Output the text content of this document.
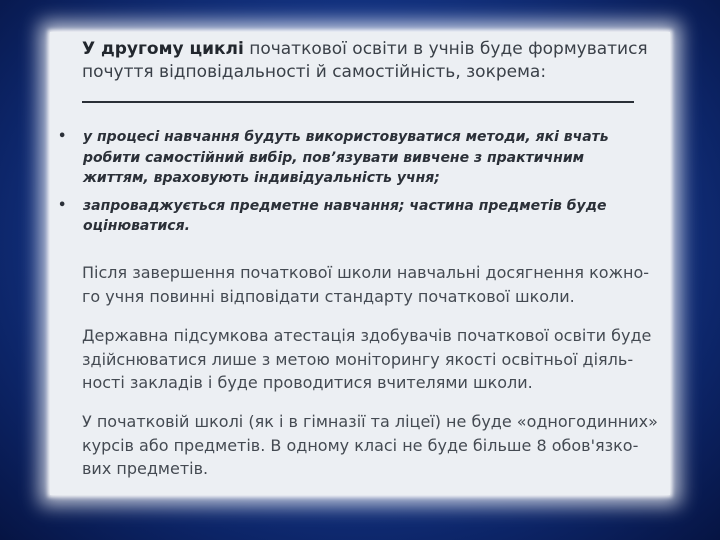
У другому циклі початкової освіти в учнів буде формуватися
почуття відповідальності й самостійність, зокрема:
• у процесі навчання будуть використовуватися методи, які вчать
робити самостійний вибір, пов’язувати вивчене з практичним
життям, враховують індивідуальність учня;
• запроваджується предметне навчання; частина предметів буде
оцінюватися.
Після завершення початкової школи навчальні досягнення кожно-
го учня повинні відповідати стандарту початкової школи.
Державна підсумкова атестація здобувачів початкової освіти буде
здійснюватися лише з метою моніторингу якості освітньої діяль-
ності закладів і буде проводитися вчителями школи.
У початковій школі (як і в гімназії та ліцеї) не буде «одногодинних»
курсів або предметів. В одному класі не буде більше 8 обов'язко-
вих предметів.
